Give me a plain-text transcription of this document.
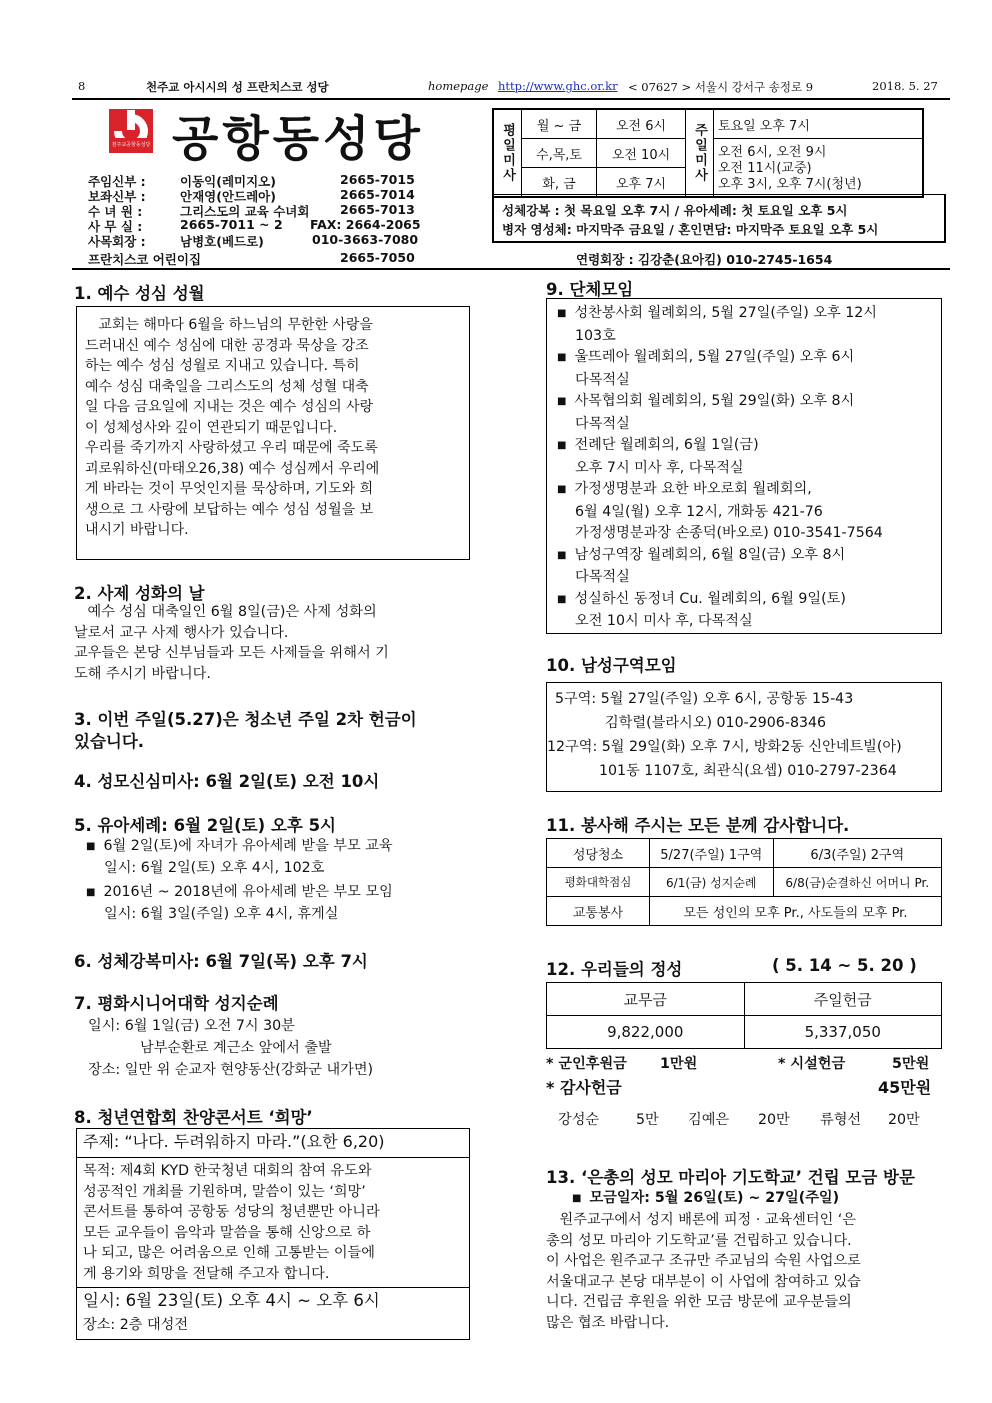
8	천주교 아시시의 성 프란치스코 성당	homepage http://www.ghc.or.kr < 07627 > 서울시 강서구 송정로 9	2018. 5. 27
천주교공항동성당 공항동성당
주임신부 :	이동익(레미지오)	2665-7015
보좌신부 :	안재영(안드레아)	2665-7014
수 녀 원 :	그리스도의 교육 수녀회 2665-7013
사 무 실 :	2665-7011 ~ 2 FAX: 2664-2065
사목회장 :	남병호(베드로)	010-3663-7080
프란치스코 어린이집	2665-7050
평일미사	월 ~ 금	오전 6시	주일미사	토요일 오후 7시
	수,목,토	오전 10시		오전 6시, 오전 9시
오전 11시(교중)
오후 3시, 오후 7시(청년)

	화, 금	오후 7시		
성체강복 : 첫 목요일 오후 7시 / 유아세례: 첫 토요일 오후 5시
병자 영성체: 마지막주 금요일 / 혼인면담: 마지막주 토요일 오후 5시
연령회장 : 김강춘(요아킴) 010-2745-1654
1. 예수 성심 성월
교회는 해마다 6월을 하느님의 무한한 사랑을
드러내신 예수 성심에 대한 공경과 묵상을 강조
하는 예수 성심 성월로 지내고 있습니다. 특히
예수 성심 대축일을 그리스도의 성체 성혈 대축
일 다음 금요일에 지내는 것은 예수 성심의 사랑
이 성체성사와 깊이 연관되기 때문입니다.
우리를 죽기까지 사랑하셨고 우리 때문에 죽도록
괴로워하신(마태오26,38) 예수 성심께서 우리에
게 바라는 것이 무엇인지를 묵상하며, 기도와 희
생으로 그 사랑에 보답하는 예수 성심 성월을 보
내시기 바랍니다.
2. 사제 성화의 날
예수 성심 대축일인 6월 8일(금)은 사제 성화의
날로서 교구 사제 행사가 있습니다.
교우들은 본당 신부님들과 모든 사제들을 위해서 기
도해 주시기 바랍니다.
3. 이번 주일(5.27)은 청소년 주일 2차 헌금이
있습니다.
4. 성모신심미사: 6월 2일(토) 오전 10시
5. 유아세례: 6월 2일(토) 오후 5시
■ 6월 2일(토)에 자녀가 유아세례 받을 부모 교육
일시: 6월 2일(토) 오후 4시, 102호
■ 2016년 ~ 2018년에 유아세례 받은 부모 모임
일시: 6월 3일(주일) 오후 4시, 휴게실
6. 성체강복미사: 6월 7일(목) 오후 7시
7. 평화시니어대학 성지순례
일시: 6월 1일(금) 오전 7시 30분
남부순환로 계근소 앞에서 출발
장소: 일만 위 순교자 현양동산(강화군 내가면)
8. 청년연합회 찬양콘서트 ‘희망’
주제: “나다. 두려워하지 마라.”(요한 6,20)
목적: 제4회 KYD 한국청년 대회의 참여 유도와
성공적인 개최를 기원하며, 말씀이 있는 ‘희망’
콘서트를 통하여 공항동 성당의 청년뿐만 아니라
모든 교우들이 음악과 말씀을 통해 신앙으로 하
나 되고, 많은 어려움으로 인해 고통받는 이들에
게 용기와 희망을 전달해 주고자 합니다.
일시: 6월 23일(토) 오후 4시 ~ 오후 6시
장소: 2층 대성전
9. 단체모임
■ 성찬봉사회 월례회의, 5월 27일(주일) 오후 12시
103호
■ 울뜨레아 월례회의, 5월 27일(주일) 오후 6시
다목적실
■ 사목협의회 월례회의, 5월 29일(화) 오후 8시
다목적실
■ 전례단 월례회의, 6월 1일(금)
오후 7시 미사 후, 다목적실
■ 가정생명분과 요한 바오로회 월례회의,
6월 4일(월) 오후 12시, 개화동 421-76
가정생명분과장 손종덕(바오로) 010-3541-7564
■ 남성구역장 월례회의, 6월 8일(금) 오후 8시
다목적실
■ 성실하신 동정녀 Cu. 월례회의, 6월 9일(토)
오전 10시 미사 후, 다목적실
10. 남성구역모임
5구역: 5월 27일(주일) 오후 6시, 공항동 15-43
김학렬(블라시오) 010-2906-8346
12구역: 5월 29일(화) 오후 7시, 방화2동 신안네트빌(아)
101동 1107호, 최관식(요셉) 010-2797-2364
11. 봉사해 주시는 모든 분께 감사합니다.
성당청소	5/27(주일) 1구역	6/3(주일) 2구역
평화대학점심	6/1(금) 성지순례	6/8(금)순결하신 어머니 Pr.
교통봉사	모든 성인의 모후 Pr., 사도들의 모후 Pr.	
12. 우리들의 정성	( 5. 14 ~ 5. 20 )
교무금	주일헌금
9,822,000	5,337,050
* 군인후원금 1만원	* 시설헌금	5만원
* 감사헌금	45만원
강성순	5만 김예은 20만 류형선 20만
13. ‘은총의 성모 마리아 기도학교’ 건립 모금 방문
■ 모금일자: 5월 26일(토) ~ 27일(주일)
원주교구에서 성지 배론에 피정 · 교육센터인 ‘은
총의 성모 마리아 기도학교’를 건립하고 있습니다.
이 사업은 원주교구 조규만 주교님의 숙원 사업으로
서울대교구 본당 대부분이 이 사업에 참여하고 있습
니다. 건립금 후원을 위한 모금 방문에 교우분들의
많은 협조 바랍니다.
